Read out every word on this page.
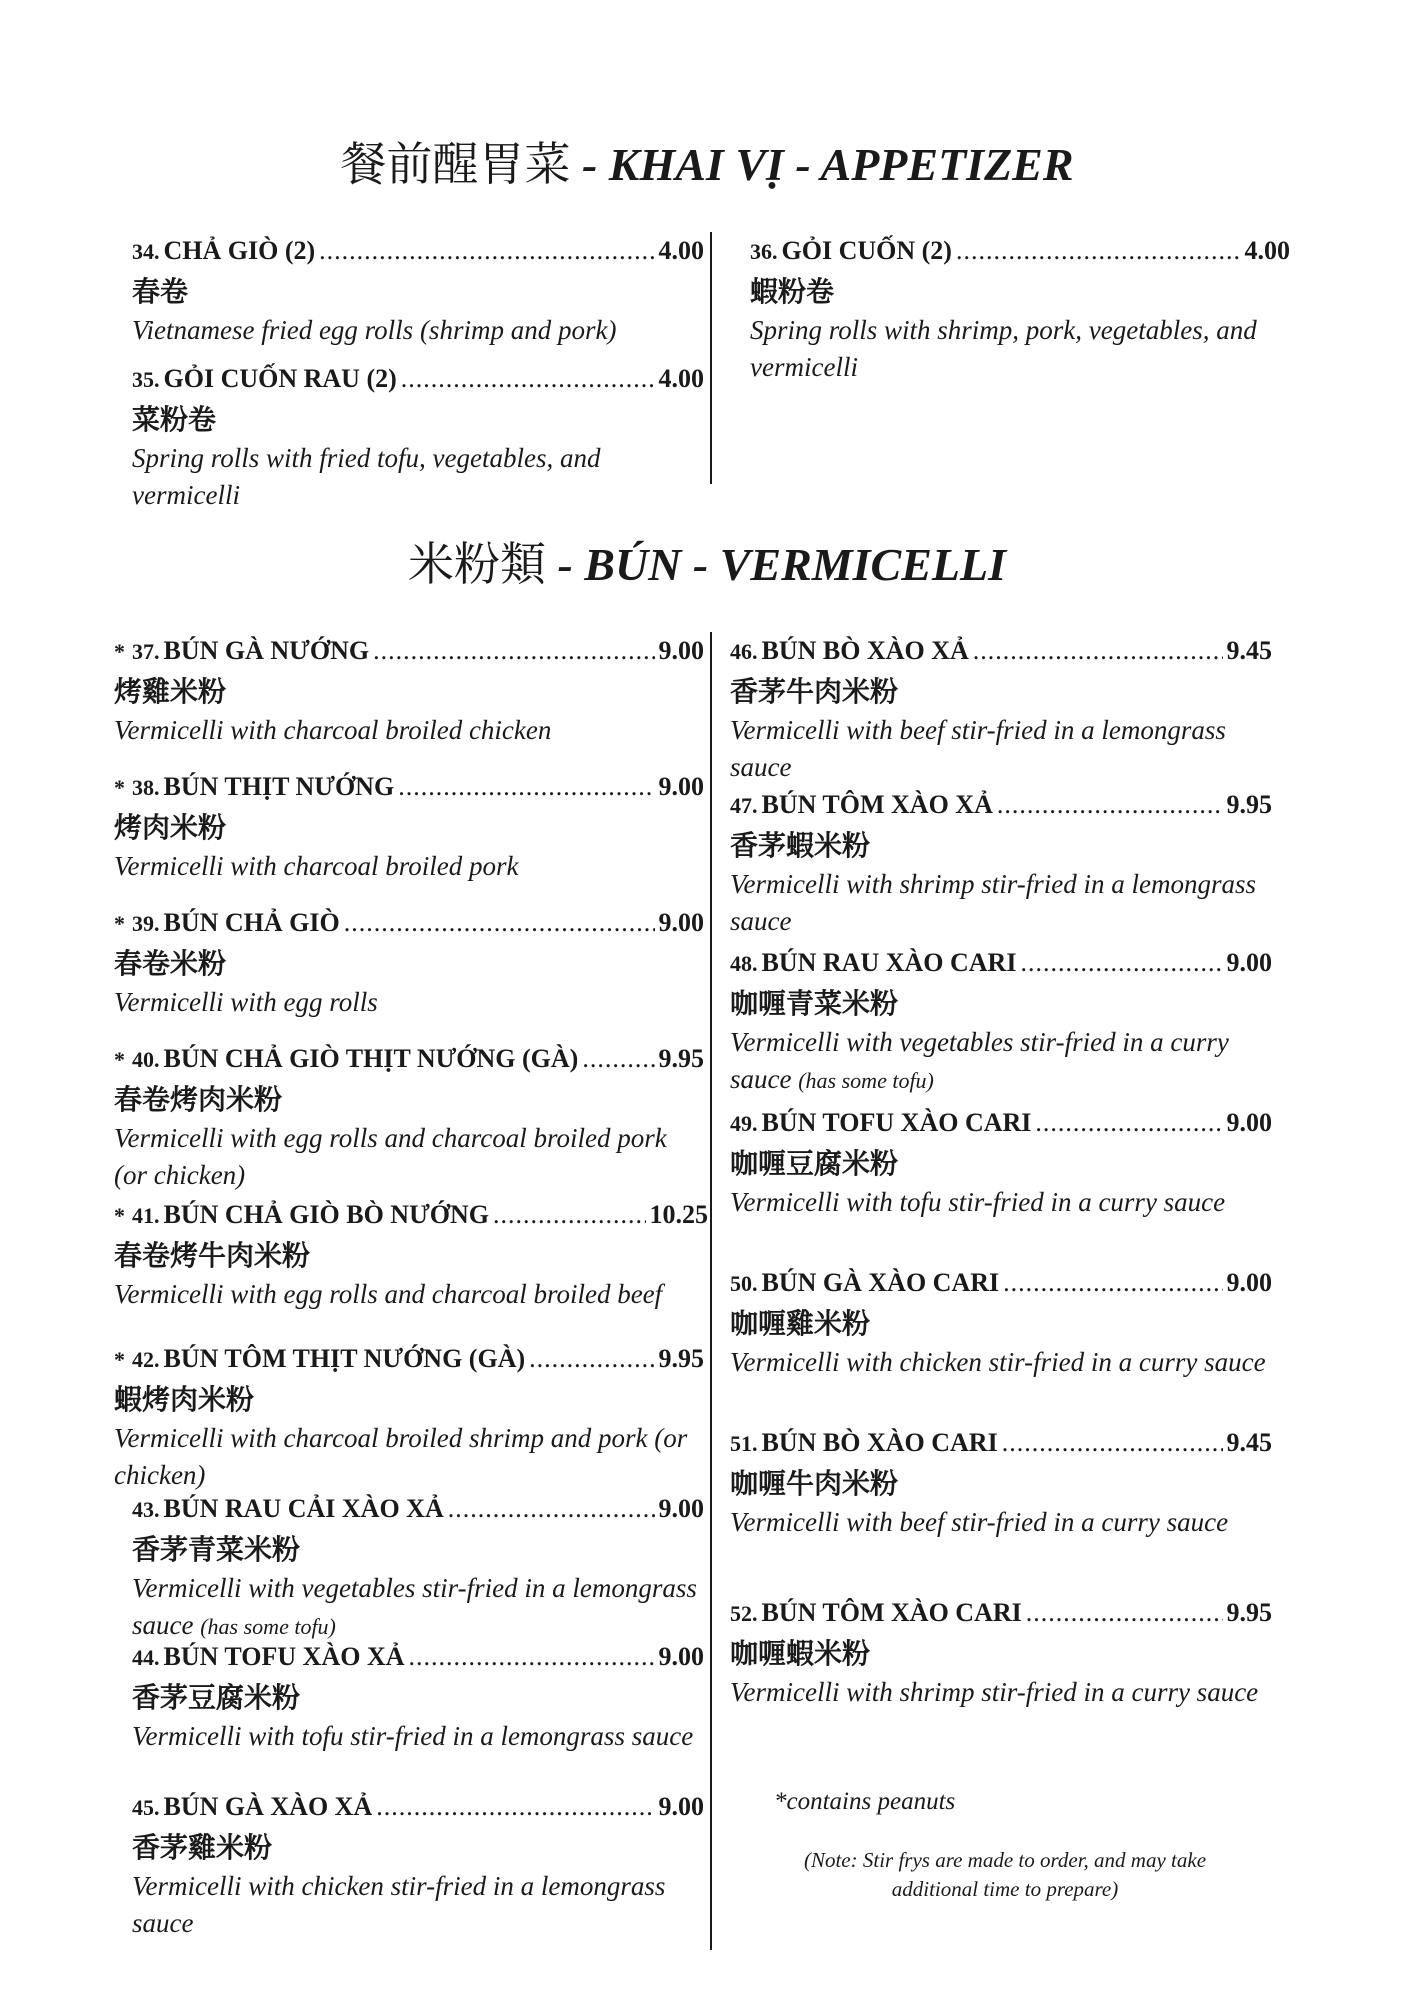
餐前醒胃菜 - KHAI VỊ - APPETIZER
米粉類 - BÚN - VERMICELLI
34. CHẢ GIÒ (2) .....	4.00
春卷
Vietnamese fried egg rolls (shrimp and pork)
35. GỎI CUỐN RAU (2) .....	4.00
菜粉卷
Spring rolls with fried tofu, vegetables, and vermicelli
36. GỎI CUỐN (2) .....	4.00
蝦粉卷
Spring rolls with shrimp, pork, vegetables, and vermicelli
* 37. BÚN GÀ NƯỚNG .....	9.00
烤雞米粉
Vermicelli with charcoal broiled chicken
* 38. BÚN THỊT NƯỚNG .....	9.00
烤肉米粉
Vermicelli with charcoal broiled pork
* 39. BÚN CHẢ GIÒ .....	9.00
春卷米粉
Vermicelli with egg rolls
* 40. BÚN CHẢ GIÒ THỊT NƯỚNG (GÀ) .....	9.95
春卷烤肉米粉
Vermicelli with egg rolls and charcoal broiled pork (or chicken)
* 41. BÚN CHẢ GIÒ BÒ NƯỚNG .....	10.25
春卷烤牛肉米粉
Vermicelli with egg rolls and charcoal broiled beef
* 42. BÚN TÔM THỊT NƯỚNG (GÀ) .....	9.95
蝦烤肉米粉
Vermicelli with charcoal broiled shrimp and pork (or chicken)
43. BÚN RAU CẢI XÀO XẢ .....	9.00
香茅青菜米粉
Vermicelli with vegetables stir-fried in a lemongrass sauce (has some tofu)
44. BÚN TOFU XÀO XẢ .....	9.00
香茅豆腐米粉
Vermicelli with tofu stir-fried in a lemongrass sauce
45. BÚN GÀ XÀO XẢ .....	9.00
香茅雞米粉
Vermicelli with chicken stir-fried in a lemongrass sauce
46. BÚN BÒ XÀO XẢ .....	9.45
香茅牛肉米粉
Vermicelli with beef stir-fried in a lemongrass sauce
47. BÚN TÔM XÀO XẢ .....	9.95
香茅蝦米粉
Vermicelli with shrimp stir-fried in a lemongrass sauce
48. BÚN RAU XÀO CARI .....	9.00
咖喱青菜米粉
Vermicelli with vegetables stir-fried in a curry sauce (has some tofu)
49. BÚN TOFU XÀO CARI .....	9.00
咖喱豆腐米粉
Vermicelli with tofu stir-fried in a curry sauce
50. BÚN GÀ XÀO CARI .....	9.00
咖喱雞米粉
Vermicelli with chicken stir-fried in a curry sauce
51. BÚN BÒ XÀO CARI .....	9.45
咖喱牛肉米粉
Vermicelli with beef stir-fried in a curry sauce
52. BÚN TÔM XÀO CARI .....	9.95
咖喱蝦米粉
Vermicelli with shrimp stir-fried in a curry sauce
*contains peanuts
(Note: Stir frys are made to order, and may take additional time to prepare)
